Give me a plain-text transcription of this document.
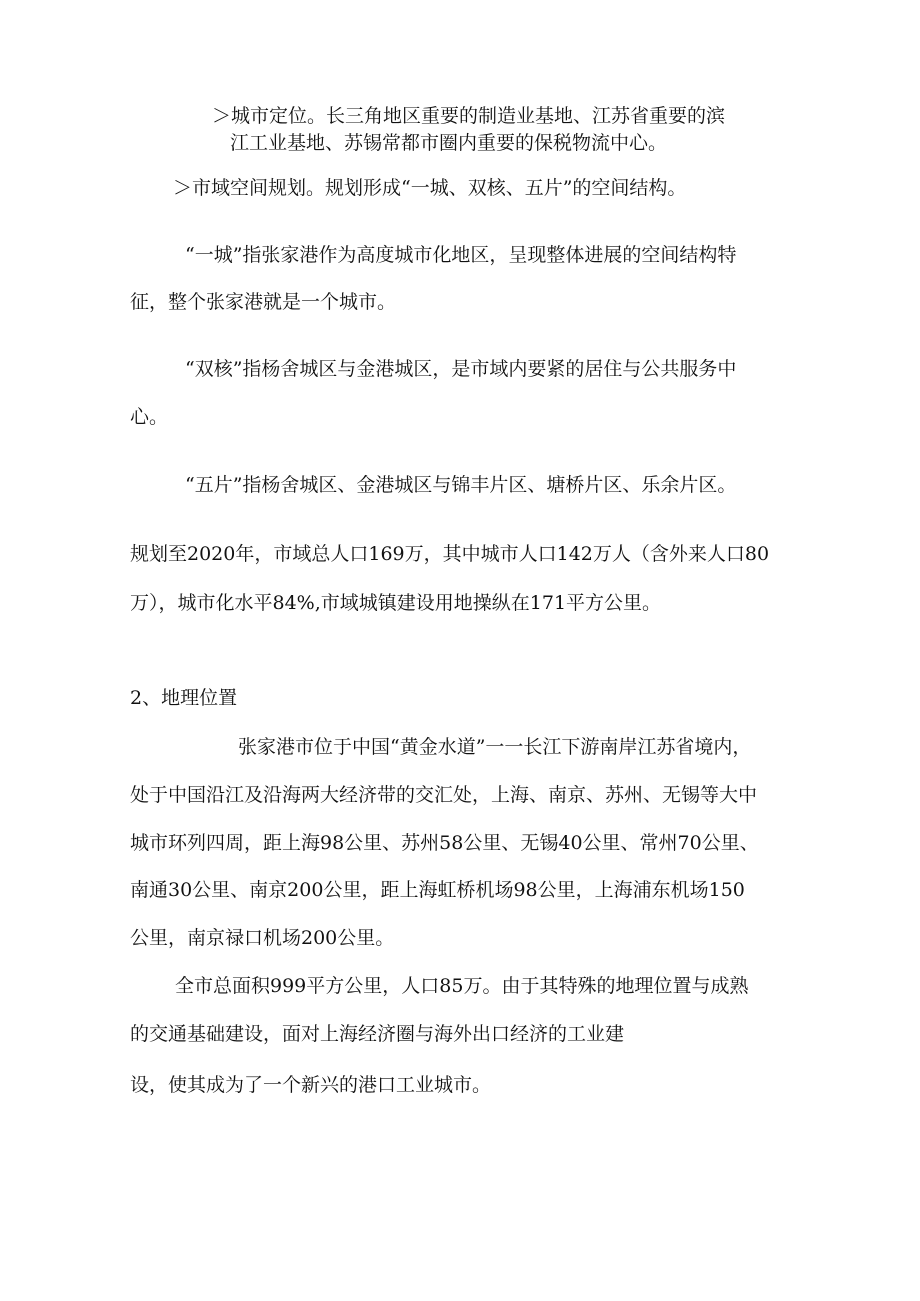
＞城市定位。长三角地区重要的制造业基地、江苏省重要的滨
江工业基地、苏锡常都市圈内重要的保税物流中心。
＞市域空间规划。规划形成“一城、双核、五片”的空间结构。
“一城”指张家港作为高度城市化地区，呈现整体进展的空间结构特
征，整个张家港就是一个城市。
“双核”指杨舍城区与金港城区，是市域内要紧的居住与公共服务中
心。
“五片”指杨舍城区、金港城区与锦丰片区、塘桥片区、乐余片区。
规划至2020年，市域总人口169万，其中城市人口142万人（含外来人口80
万），城市化水平84%,市域城镇建设用地操纵在171平方公里。
2、地理位置
张家港市位于中国“黄金水道”一一长江下游南岸江苏省境内，
处于中国沿江及沿海两大经济带的交汇处，上海、南京、苏州、无锡等大中
城市环列四周，距上海98公里、苏州58公里、无锡40公里、常州70公里、
南通30公里、南京200公里，距上海虹桥机场98公里，上海浦东机场150
公里，南京禄口机场200公里。
全市总面积999平方公里，人口85万。由于其特殊的地理位置与成熟
的交通基础建设，面对上海经济圈与海外出口经济的工业建
设，使其成为了一个新兴的港口工业城市。
